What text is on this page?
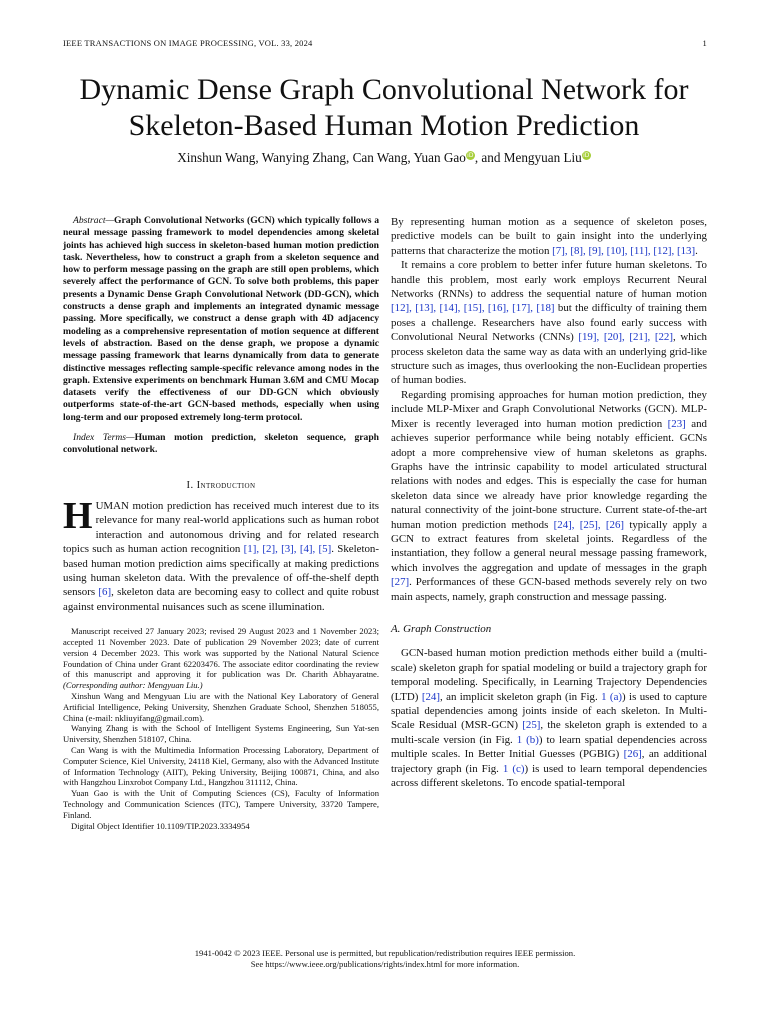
IEEE TRANSACTIONS ON IMAGE PROCESSING, VOL. 33, 2024	1
Dynamic Dense Graph Convolutional Network for
Skeleton-Based Human Motion Prediction
Xinshun Wang, Wanying Zhang, Can Wang, Yuan GaoiD, and Mengyuan LiuiD

Abstract—Graph Convolutional Networks (GCN) which typically follows a neural message passing framework to model dependencies among skeletal joints has achieved high success in skeleton-based human motion prediction task. Nevertheless, how to construct a graph from a skeleton sequence and how to perform message passing on the graph are still open problems, which severely affect the performance of GCN. To solve both problems, this paper presents a Dynamic Dense Graph Convolutional Network (DD-GCN), which constructs a dense graph and implements an integrated dynamic message passing. More specifically, we construct a dense graph with 4D adjacency modeling as a comprehensive representation of motion sequence at different levels of abstraction. Based on the dense graph, we propose a dynamic message passing framework that learns dynamically from data to generate distinctive messages reflecting sample-specific relevance among nodes in the graph. Extensive experiments on benchmark Human 3.6M and CMU Mocap datasets verify the effectiveness of our DD-GCN which obviously outperforms state-of-the-art GCN-based methods, especially when using long-term and our proposed extremely long-term protocol.

Index Terms—Human motion prediction, skeleton sequence, graph convolutional network.

I. Introduction

HUMAN motion prediction has received much interest due to its relevance for many real-world applications such as human robot interaction and autonomous driving and for related research topics such as human action recognition [1], [2], [3], [4], [5]. Skeleton-based human motion prediction aims specifically at making predictions using human skeleton data. With the prevalence of off-the-shelf depth sensors [6], skeleton data are becoming easy to collect and quite robust against environmental nuisances such as scene illumination.

Manuscript received 27 January 2023; revised 29 August 2023 and 1 November 2023; accepted 11 November 2023. Date of publication 29 November 2023; date of current version 4 December 2023. This work was supported by the National Natural Science Foundation of China under Grant 62203476. The associate editor coordinating the review of this manuscript and approving it for publication was Dr. Charith Abhayaratne. (Corresponding author: Mengyuan Liu.)

Xinshun Wang and Mengyuan Liu are with the National Key Laboratory of General Artificial Intelligence, Peking University, Shenzhen Graduate School, Shenzhen 518055, China (e-mail: nkliuyifang@gmail.com).

Wanying Zhang is with the School of Intelligent Systems Engineering, Sun Yat-sen University, Shenzhen 518107, China.

Can Wang is with the Multimedia Information Processing Laboratory, Department of Computer Science, Kiel University, 24118 Kiel, Germany, also with the Advanced Institute of Information Technology (AIIT), Peking University, Beijing 100871, China, and also with Hangzhou Linxrobot Company Ltd., Hangzhou 311112, China.

Yuan Gao is with the Unit of Computing Sciences (CS), Faculty of Information Technology and Communication Sciences (ITC), Tampere University, 33720 Tampere, Finland.

Digital Object Identifier 10.1109/TIP.2023.3334954

By representing human motion as a sequence of skeleton poses, predictive models can be built to gain insight into the underlying patterns that characterize the motion [7], [8], [9], [10], [11], [12], [13].

It remains a core problem to better infer future human skeletons. To handle this problem, most early work employs Recurrent Neural Networks (RNNs) to address the sequential nature of human motion [12], [13], [14], [15], [16], [17], [18] but the difficulty of training them poses a challenge. Researchers have also found early success with Convolutional Neural Networks (CNNs) [19], [20], [21], [22], which process skeleton data the same way as data with an underlying grid-like structure such as images, thus overlooking the non-Euclidean properties of human bodies.

Regarding promising approaches for human motion prediction, they include MLP-Mixer and Graph Convolutional Networks (GCN). MLP-Mixer is recently leveraged into human motion prediction [23] and achieves superior performance while being notably efficient. GCNs adopt a more comprehensive view of human skeletons as graphs. Graphs have the intrinsic capability to model articulated structural relations with nodes and edges. This is especially the case for human skeleton data since we already have prior knowledge regarding the natural connectivity of the joint-bone structure. Current state-of-the-art human motion prediction methods [24], [25], [26] typically apply a GCN to extract features from skeletal joints. Regardless of the instantiation, they follow a general neural message passing framework, which involves the aggregation and update of messages in the graph [27]. Performances of these GCN-based methods severely rely on two main aspects, namely, graph construction and message passing.

A. Graph Construction

GCN-based human motion prediction methods either build a (multi-scale) skeleton graph for spatial modeling or build a trajectory graph for temporal modeling. Specifically, in Learning Trajectory Dependencies (LTD) [24], an implicit skeleton graph (in Fig. 1 (a)) is used to capture spatial dependencies among joints inside of each skeleton. In Multi-Scale Residual (MSR-GCN) [25], the skeleton graph is extended to a multi-scale version (in Fig. 1 (b)) to learn spatial dependencies across multiple scales. In Better Initial Guesses (PGBIG) [26], an additional trajectory graph (in Fig. 1 (c)) is used to learn temporal dependencies across different skeletons. To encode spatial-temporal

1941-0042 © 2023 IEEE. Personal use is permitted, but republication/redistribution requires IEEE permission.
See https://www.ieee.org/publications/rights/index.html for more information.
